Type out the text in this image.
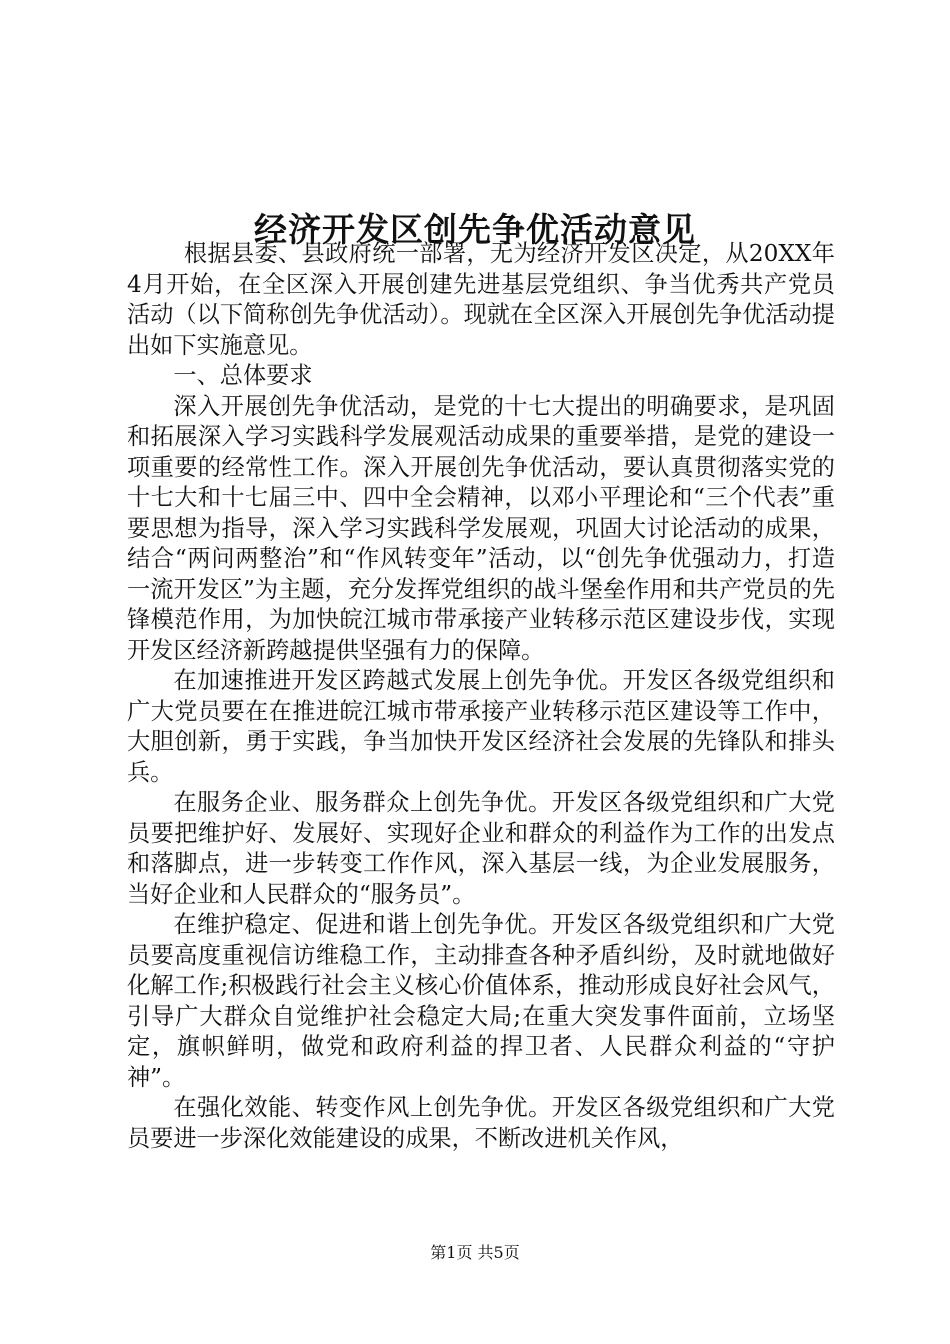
经济开发区创先争优活动意见

根据县委、县政府统一部署，无为经济开发区决定，从20XX年4月开始，在全区深入开展创建先进基层党组织、争当优秀共产党员活动（以下简称创先争优活动）。现就在全区深入开展创先争优活动提出如下实施意见。

一、总体要求

深入开展创先争优活动，是党的十七大提出的明确要求，是巩固和拓展深入学习实践科学发展观活动成果的重要举措，是党的建设一项重要的经常性工作。深入开展创先争优活动，要认真贯彻落实党的十七大和十七届三中、四中全会精神，以邓小平理论和“三个代表”重要思想为指导，深入学习实践科学发展观，巩固大讨论活动的成果，结合“两问两整治”和“作风转变年”活动，以“创先争优强动力，打造一流开发区”为主题，充分发挥党组织的战斗堡垒作用和共产党员的先锋模范作用，为加快皖江城市带承接产业转移示范区建设步伐，实现开发区经济新跨越提供坚强有力的保障。

在加速推进开发区跨越式发展上创先争优。开发区各级党组织和广大党员要在在推进皖江城市带承接产业转移示范区建设等工作中，大胆创新，勇于实践，争当加快开发区经济社会发展的先锋队和排头兵。

在服务企业、服务群众上创先争优。开发区各级党组织和广大党员要把维护好、发展好、实现好企业和群众的利益作为工作的出发点和落脚点，进一步转变工作作风，深入基层一线，为企业发展服务，当好企业和人民群众的“服务员”。

在维护稳定、促进和谐上创先争优。开发区各级党组织和广大党员要高度重视信访维稳工作，主动排查各种矛盾纠纷，及时就地做好化解工作;积极践行社会主义核心价值体系，推动形成良好社会风气，引导广大群众自觉维护社会稳定大局;在重大突发事件面前，立场坚定，旗帜鲜明，做党和政府利益的捍卫者、人民群众利益的“守护神”。

在强化效能、转变作风上创先争优。开发区各级党组织和广大党员要进一步深化效能建设的成果，不断改进机关作风，

第1页 共5页
